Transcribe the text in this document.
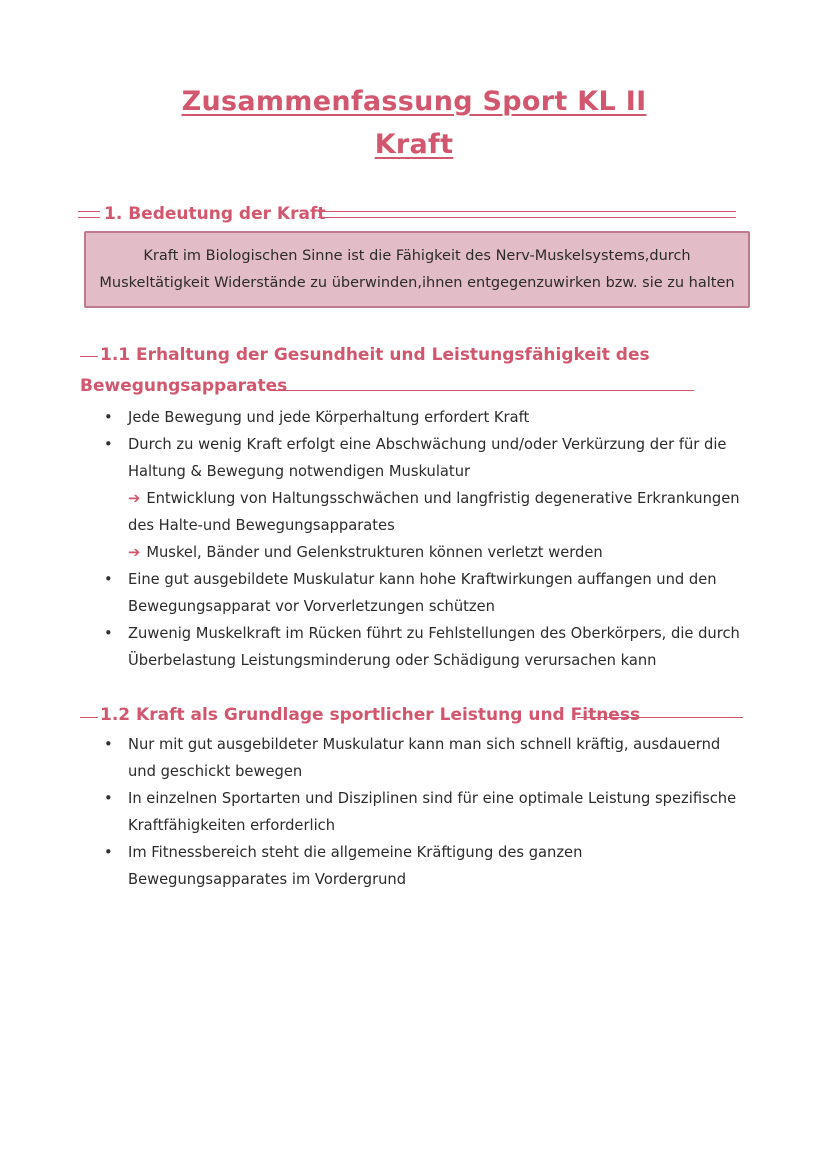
Zusammenfassung Sport KL II
Kraft
1. Bedeutung der Kraft
Kraft im Biologischen Sinne ist die Fähigkeit des Nerv-Muskelsystems,durch Muskeltätigkeit Widerstände zu überwinden,ihnen entgegenzuwirken bzw. sie zu halten
1.1 Erhaltung der Gesundheit und Leistungsfähigkeit des
Bewegungsapparates
• Jede Bewegung und jede Körperhaltung erfordert Kraft
• Durch zu wenig Kraft erfolgt eine Abschwächung und/oder Verkürzung der für die Haltung & Bewegung notwendigen Muskulatur
➔ Entwicklung von Haltungsschwächen und langfristig degenerative Erkrankungen des Halte-und Bewegungsapparates
➔ Muskel, Bänder und Gelenkstrukturen können verletzt werden
• Eine gut ausgebildete Muskulatur kann hohe Kraftwirkungen auffangen und den Bewegungsapparat vor Vorverletzungen schützen
• Zuwenig Muskelkraft im Rücken führt zu Fehlstellungen des Oberkörpers, die durch Überbelastung Leistungsminderung oder Schädigung verursachen kann
1.2 Kraft als Grundlage sportlicher Leistung und Fitness
• Nur mit gut ausgebildeter Muskulatur kann man sich schnell kräftig, ausdauernd und geschickt bewegen
• In einzelnen Sportarten und Disziplinen sind für eine optimale Leistung spezifische Kraftfähigkeiten erforderlich
• Im Fitnessbereich steht die allgemeine Kräftigung des ganzen Bewegungsapparates im Vordergrund
